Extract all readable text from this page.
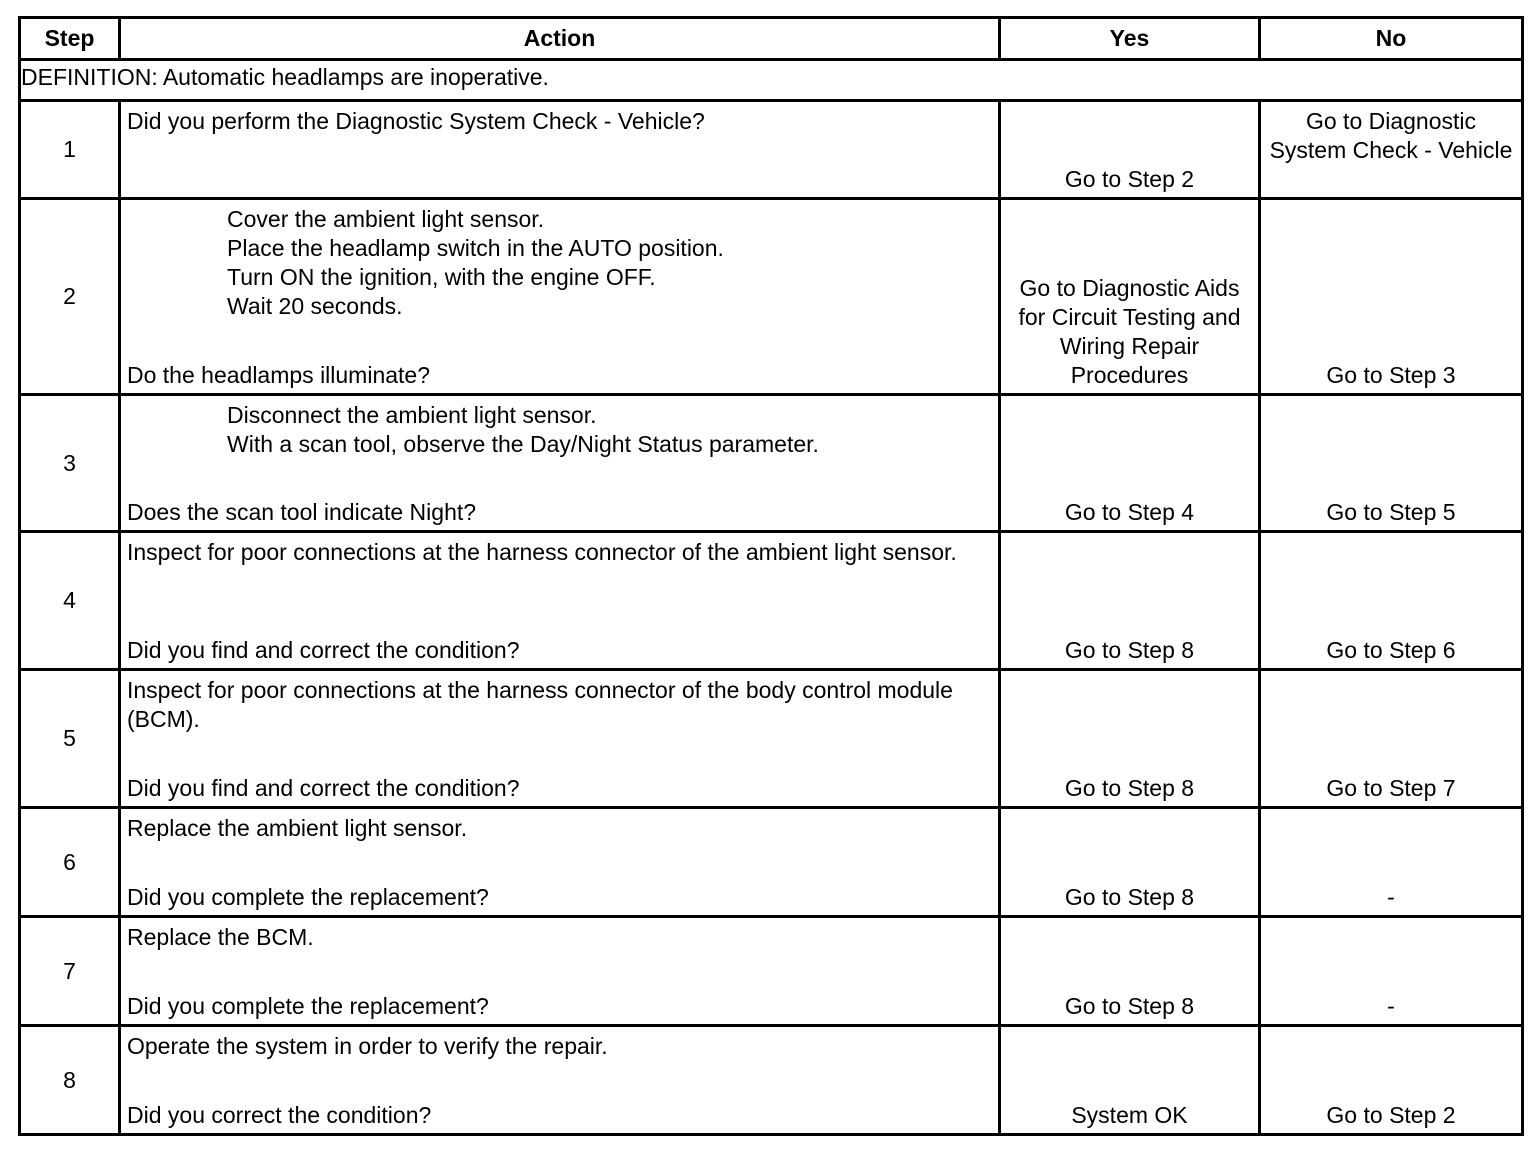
Step	Action	Yes	No
DEFINITION: Automatic headlamps are inoperative.			
1	Did you perform the Diagnostic System Check - Vehicle?	Go to Step 2	Go to Diagnostic System Check - Vehicle

2	Cover the ambient light sensor.
Place the headlamp switch in the AUTO position.
Turn ON the ignition, with the engine OFF.
Wait 20 seconds.
Do the headlamps illuminate?	Go to Diagnostic Aids for Circuit Testing and Wiring Repair Procedures	Go to Step 3

3	Disconnect the ambient light sensor.
With a scan tool, observe the Day/Night Status parameter.
Does the scan tool indicate Night?	Go to Step 4	Go to Step 5

4	Inspect for poor connections at the harness connector of the ambient light sensor.
Did you find and correct the condition?	Go to Step 8	Go to Step 6

5	Inspect for poor connections at the harness connector of the body control module (BCM).
Did you find and correct the condition?	Go to Step 8	Go to Step 7

6	Replace the ambient light sensor.
Did you complete the replacement?	Go to Step 8	-

7	Replace the BCM.
Did you complete the replacement?	Go to Step 8	-

8	Operate the system in order to verify the repair.
Did you correct the condition?	System OK	Go to Step 2
